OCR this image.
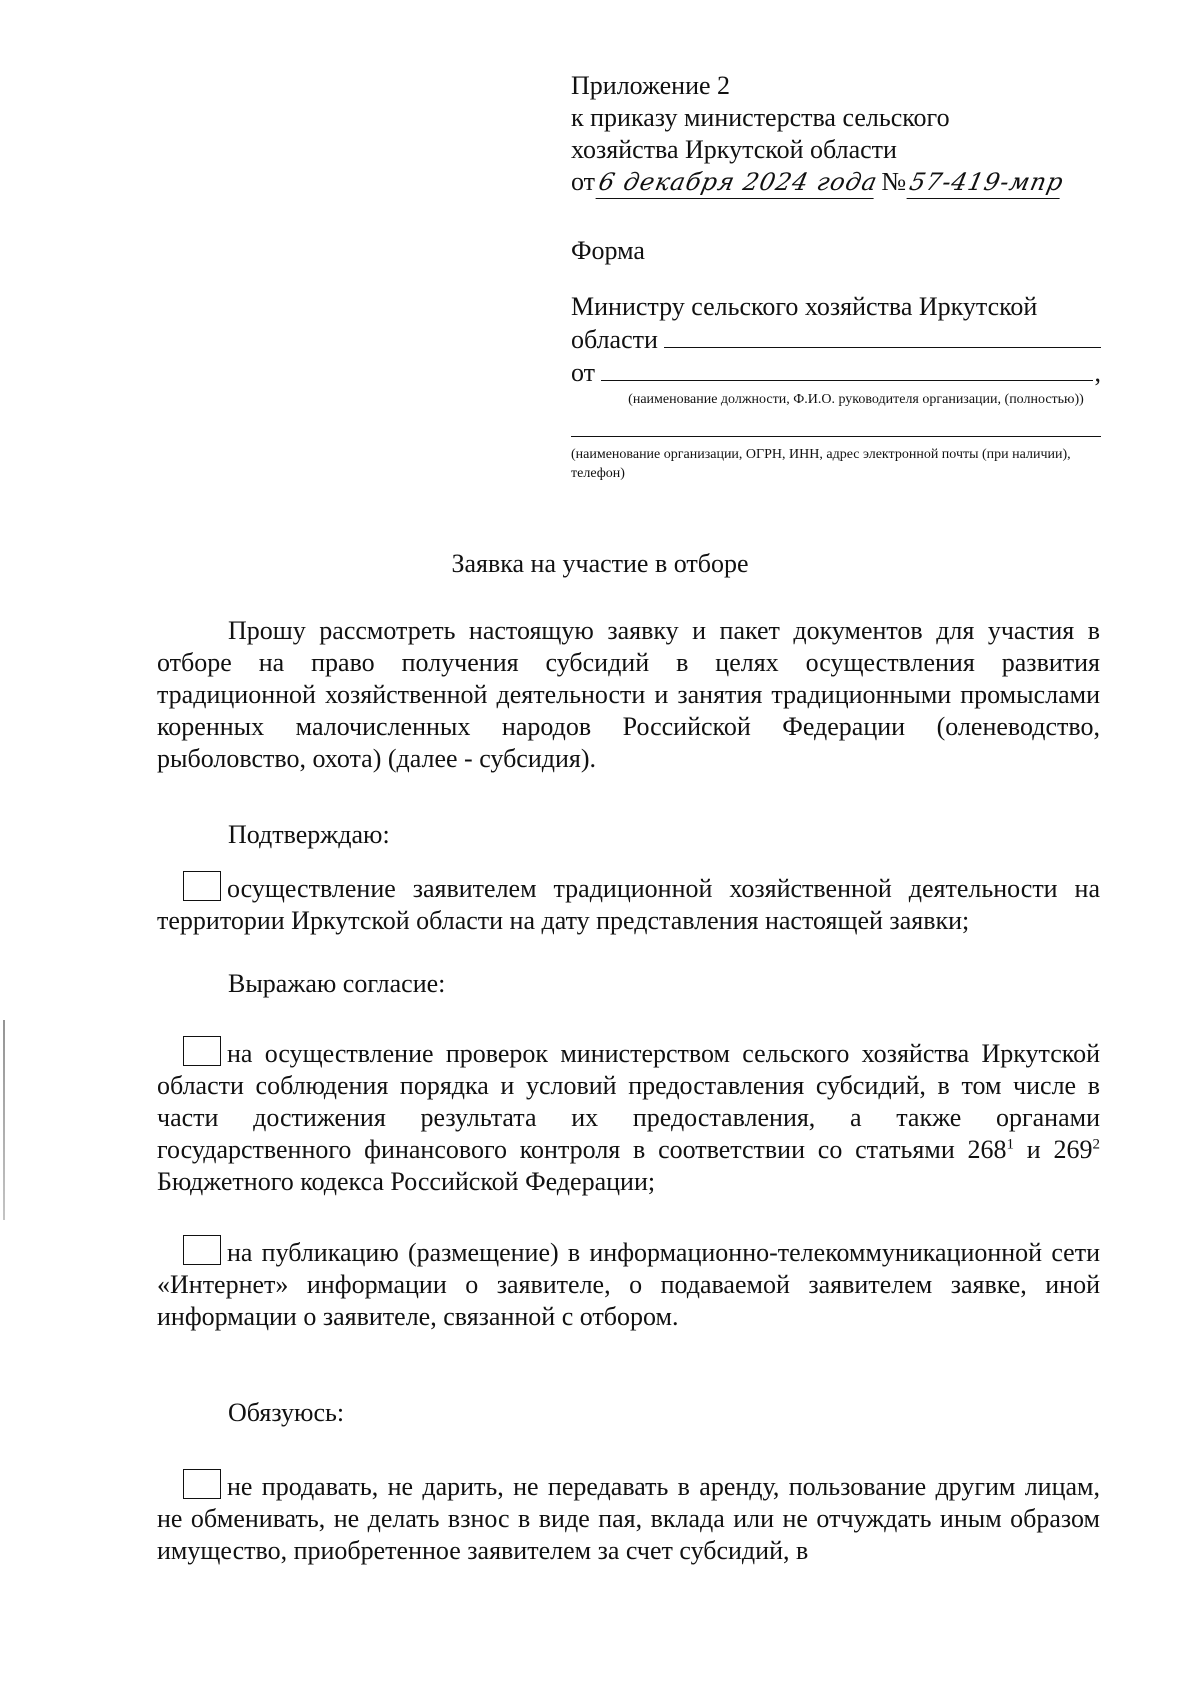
Приложение 2
к приказу министерства сельского
хозяйства Иркутской области
от 6 декабря 2024 года № 57-419-мпр
Форма
Министру сельского хозяйства Иркутской
области
от	,
(наименование должности, Ф.И.О. руководителя организации, (полностью))
(наименование организации, ОГРН, ИНН, адрес электронной почты (при наличии), телефон)
Заявка на участие в отборе
Прошу рассмотреть настоящую заявку и пакет документов для участия в отборе на право получения субсидий в целях осуществления развития традиционной хозяйственной деятельности и занятия традиционными промыслами коренных малочисленных народов Российской Федерации (оленеводство, рыболовство, охота) (далее - субсидия).
Подтверждаю:
осуществление заявителем традиционной хозяйственной деятельности на территории Иркутской области на дату представления настоящей заявки;
Выражаю согласие:
на осуществление проверок министерством сельского хозяйства Иркутской области соблюдения порядка и условий предоставления субсидий, в том числе в части достижения результата их предоставления, а также органами государственного финансового контроля в соответствии со статьями $268^1$ и $269^2$ Бюджетного кодекса Российской Федерации;
на публикацию (размещение) в информационно-телекоммуникационной сети «Интернет» информации о заявителе, о подаваемой заявителем заявке, иной информации о заявителе, связанной с отбором.
Обязуюсь:
не продавать, не дарить, не передавать в аренду, пользование другим лицам, не обменивать, не делать взнос в виде пая, вклада или не отчуждать иным образом имущество, приобретенное заявителем за счет субсидий, в
